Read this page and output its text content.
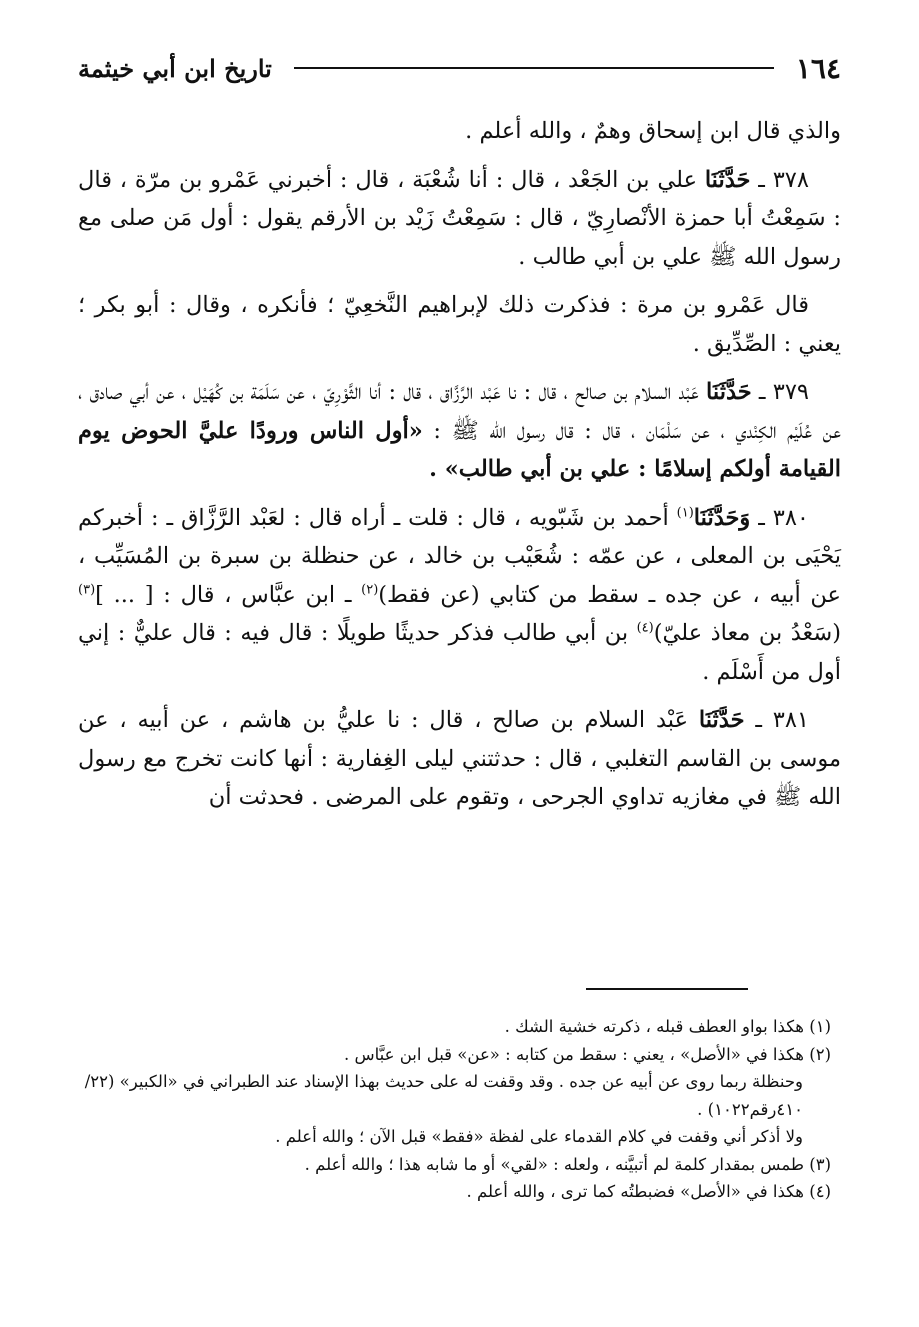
١٦٤
تاريخ ابن أبي خيثمة

والذي قال ابن إسحاق وهمٌ ، والله أعلم .

٣٧٨ ـ حَدَّثَنَا علي بن الجَعْد ، قال : أنا شُعْبَة ، قال : أخبرني عَمْرو بن مرّة ، قال : سَمِعْتُ أبا حمزة الأنْصارِيّ ، قال : سَمِعْتُ زَيْد بن الأرقم يقول : أول مَن صلى مع رسول الله ﷺ علي بن أبي طالب .

قال عَمْرو بن مرة : فذكرت ذلك لإبراهيم النَّخعِيّ ؛ فأنكره ، وقال : أبو بكر ؛ يعني : الصِّدِّيق .

٣٧٩ ـ حَدَّثَنَا عَبْد السلام بن صالح ، قال : نا عَبْد الرَّزَّاق ، قال : أنا الثَّوْرِيّ ، عن سَلَمَة بن كُهَيْل ، عن أبي صادق ، عن عُلَيْم الكِنْدي ، عن سَلْمَان ، قال : قال رسول الله ﷺ : «أول الناس ورودًا عليَّ الحوض يوم القيامة أولكم إسلامًا : علي بن أبي طالب» .

٣٨٠ ـ وَحَدَّثَنَا$^{(١)}$ أحمد بن شَبّويه ، قال : قلت ـ أراه قال : لعَبْد الرَّزَّاق ـ : أخبركم يَحْيَى بن المعلى ، عن عمّه : شُعَيْب بن خالد ، عن حنظلة بن سبرة بن المُسَيِّب ، عن أبيه ، عن جده ـ سقط من كتابي (عن فقط)$^{(٢)}$ ـ ابن عبَّاس ، قال : [ ... ]$^{(٣)}$ (سَعْدُ بن معاذ عليّ)$^{(٤)}$ بن أبي طالب فذكر حديثًا طويلًا : قال فيه : قال عليٌّ : إني أول من أَسْلَم .

٣٨١ ـ حَدَّثَنَا عَبْد السلام بن صالح ، قال : نا عليُّ بن هاشم ، عن أبيه ، عن موسى بن القاسم التغلبي ، قال : حدثتني ليلى الغِفارية : أنها كانت تخرج مع رسول الله ﷺ في مغازيه تداوي الجرحى ، وتقوم على المرضى . فحدثت أن

(١) هكذا بواو العطف قبله ، ذكرته خشية الشك .

(٢) هكذا في «الأصل» ، يعني : سقط من كتابه : «عن» قبل ابن عبَّاس .

وحنظلة ربما روى عن أبيه عن جده . وقد وقفت له على حديث بهذا الإسناد عند الطبراني في «الكبير» (٢٢/ ٤١٠رقم١٠٢٢) .

ولا أذكر أني وقفت في كلام القدماء على لفظة «فقط» قبل الآن ؛ والله أعلم .

(٣) طمس بمقدار كلمة لم أتبيَّنه ، ولعله : «لقي» أو ما شابه هذا ؛ والله أعلم .

(٤) هكذا في «الأصل» فضبطتُه كما ترى ، والله أعلم .
